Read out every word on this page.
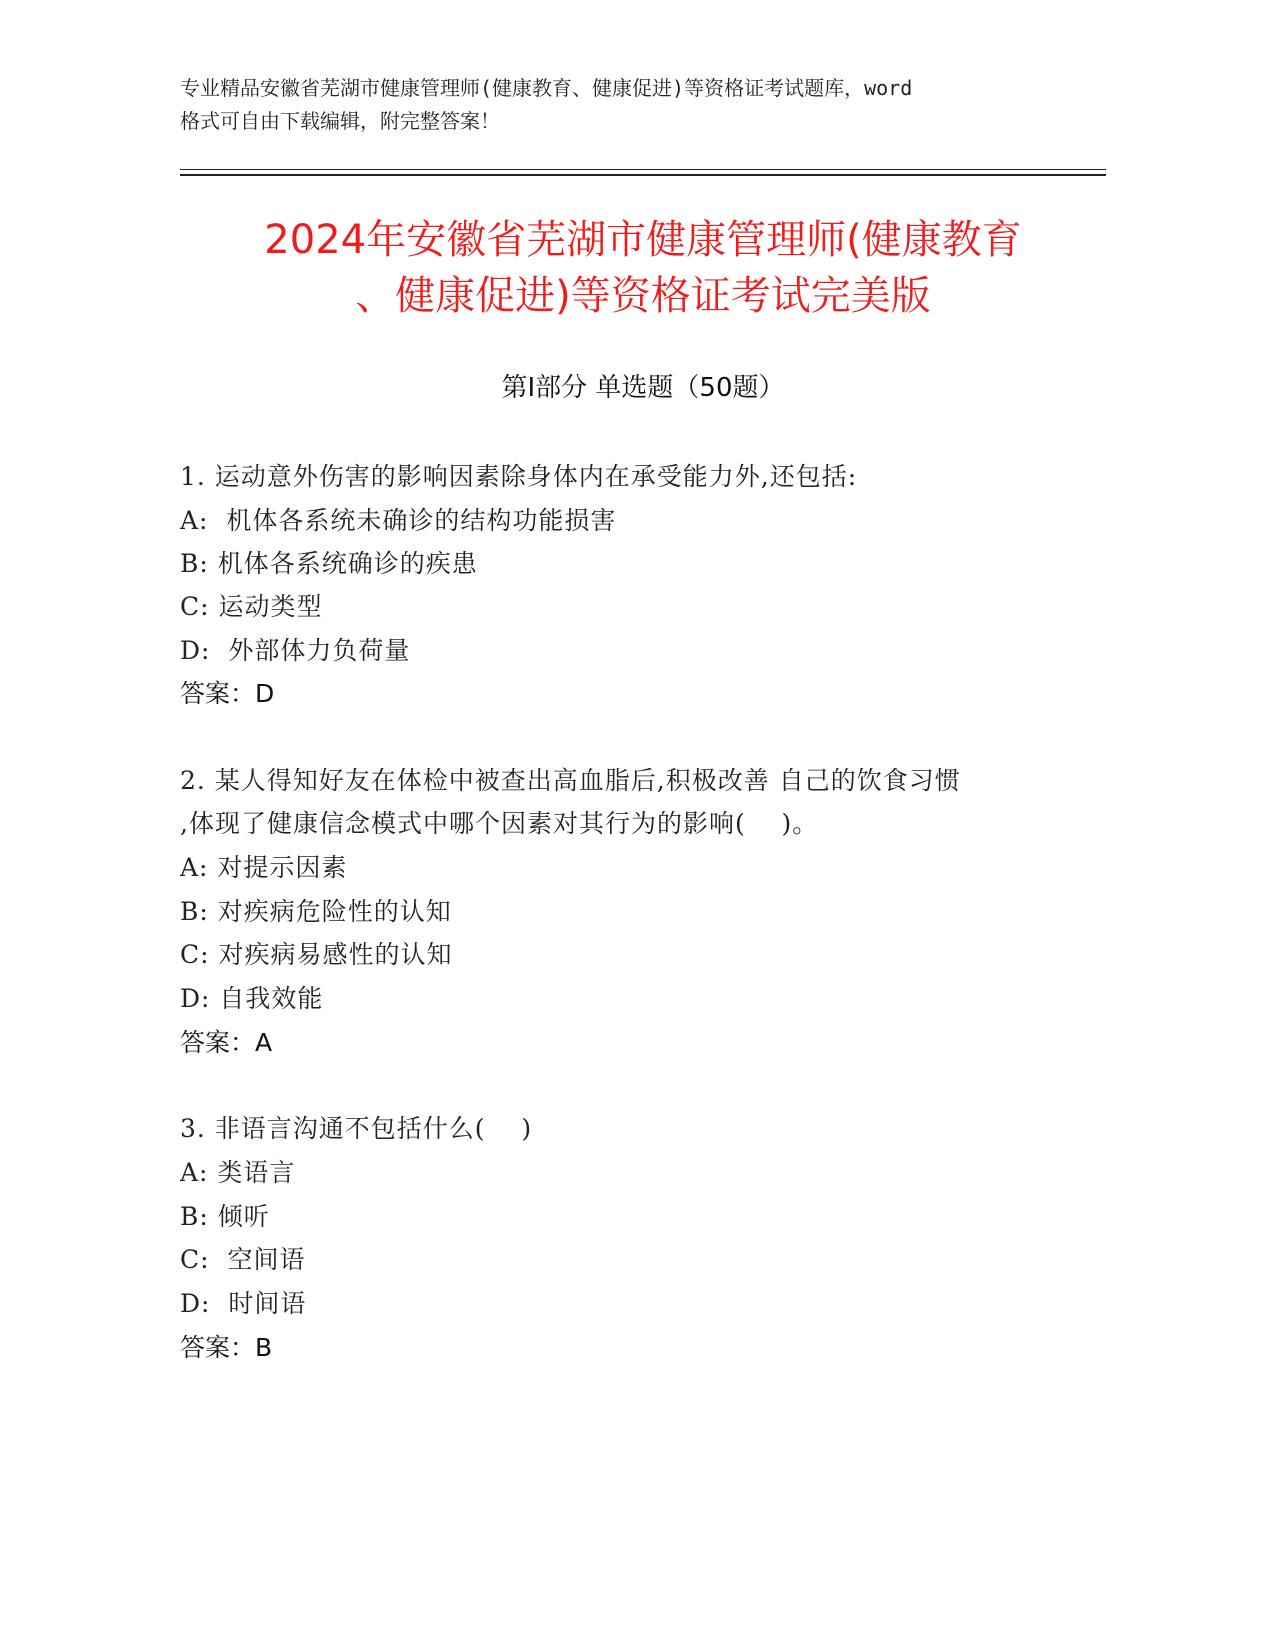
专业精品安徽省芜湖市健康管理师(健康教育、健康促进)等资格证考试题库，word
格式可自由下载编辑，附完整答案！
2024年安徽省芜湖市健康管理师(健康教育
、健康促进)等资格证考试完美版
第Ⅰ部分 单选题（50题）
1. 运动意外伤害的影响因素除身体内在承受能力外,还包括:
A:  机体各系统未确诊的结构功能损害
B: 机体各系统确诊的疾患
C: 运动类型
D:  外部体力负荷量
答案：D
2. 某人得知好友在体检中被查出高血脂后,积极改善 自己的饮食习惯
,体现了健康信念模式中哪个因素对其行为的影响(    )。
A: 对提示因素
B: 对疾病危险性的认知
C: 对疾病易感性的认知
D: 自我效能
答案：A
3. 非语言沟通不包括什么(    )
A: 类语言
B: 倾听
C:  空间语
D:  时间语
答案：B
